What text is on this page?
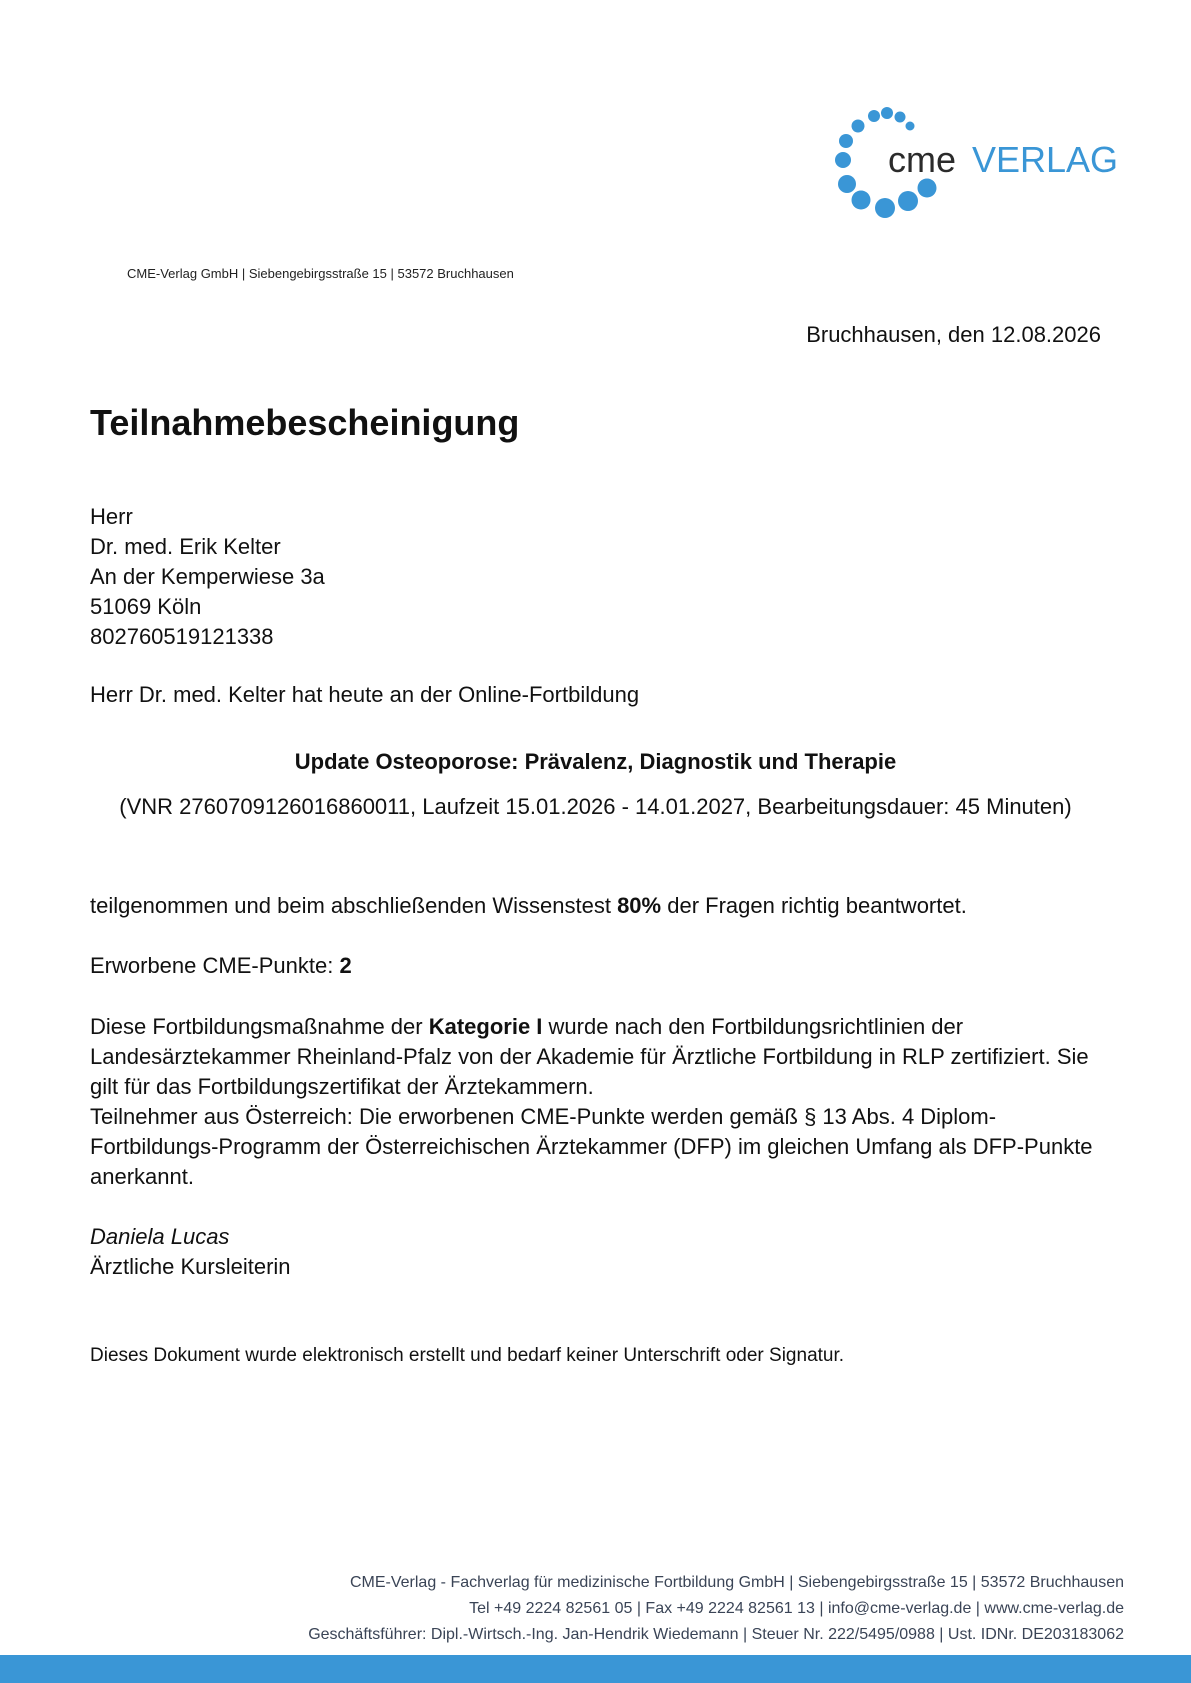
cme VERLAG
CME-Verlag GmbH | Siebengebirgsstraße 15 | 53572 Bruchhausen
Bruchhausen, den 12.08.2026
Teilnahmebescheinigung
Herr
Dr. med. Erik Kelter
An der Kemperwiese 3a
51069 Köln
802760519121338
Herr Dr. med. Kelter hat heute an der Online-Fortbildung
Update Osteoporose: Prävalenz, Diagnostik und Therapie
(VNR 2760709126016860011, Laufzeit 15.01.2026 - 14.01.2027, Bearbeitungsdauer: 45 Minuten)
teilgenommen und beim abschließenden Wissenstest 80% der Fragen richtig beantwortet.
Erworbene CME-Punkte: 2

Diese Fortbildungsmaßnahme der Kategorie I wurde nach den Fortbildungsrichtlinien der Landesärztekammer Rheinland-Pfalz von der Akademie für Ärztliche Fortbildung in RLP zertifiziert. Sie gilt für das Fortbildungszertifikat der Ärztekammern.

Teilnehmer aus Österreich: Die erworbenen CME-Punkte werden gemäß § 13 Abs. 4 Diplom-Fortbildungs-Programm der Österreichischen Ärztekammer (DFP) im gleichen Umfang als DFP-Punkte anerkannt.

Daniela Lucas
Ärztliche Kursleiterin
Dieses Dokument wurde elektronisch erstellt und bedarf keiner Unterschrift oder Signatur.
CME-Verlag - Fachverlag für medizinische Fortbildung GmbH | Siebengebirgsstraße 15 | 53572 Bruchhausen
Tel +49 2224 82561 05 | Fax +49 2224 82561 13 | info@cme-verlag.de | www.cme-verlag.de
Geschäftsführer: Dipl.-Wirtsch.-Ing. Jan-Hendrik Wiedemann | Steuer Nr. 222/5495/0988 | Ust. IDNr. DE203183062
